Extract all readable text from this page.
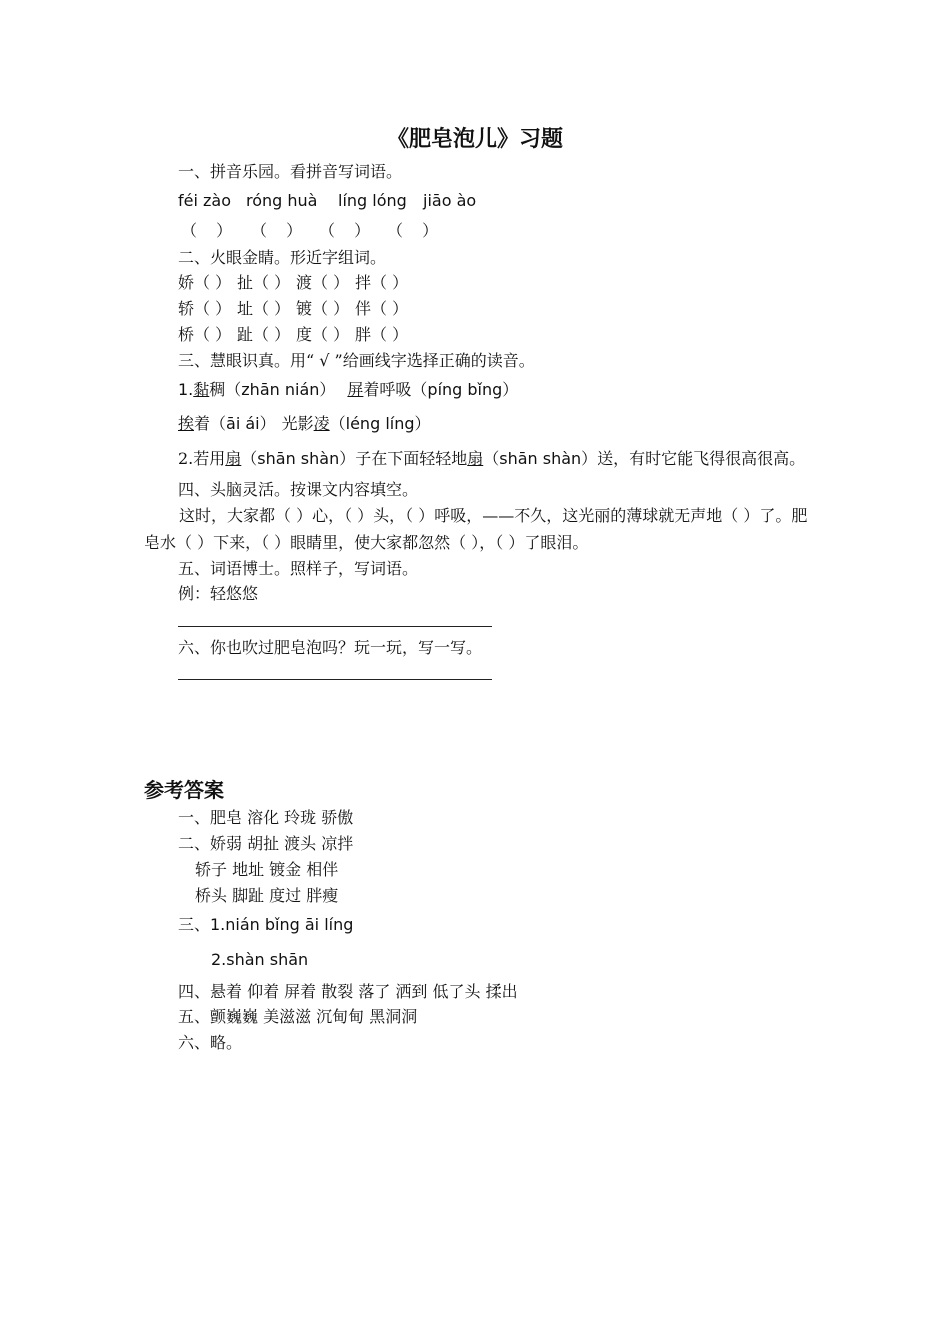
《肥皂泡儿》习题
一、拼音乐园。看拼音写词语。
féi zào róng huà líng lóng jiāo ào
（ ） （ ） （ ） （ ）
二、火眼金睛。形近字组词。
娇（ ） 扯（ ） 渡（ ） 拌（ ）
轿（ ） 址（ ） 镀（ ） 伴（ ）
桥（ ） 趾（ ） 度（ ） 胖（ ）
三、慧眼识真。用“ √ ”给画线字选择正确的读音。
1.黏稠（zhān nián） 屏着呼吸（píng bǐng）
挨着（āi ái） 光影凌（léng líng）
2.若用扇（shān shàn）子在下面轻轻地扇（shān shàn）送，有时它能飞得很高很高。
四、头脑灵活。按课文内容填空。
这时，大家都（ ）心，（ ）头，（ ）呼吸，——不久，这光丽的薄球就无声地（ ）了。肥皂水（ ）下来，（ ）眼睛里，使大家都忽然（ ），（ ）了眼泪。
五、词语博士。照样子，写词语。
例：轻悠悠
六、你也吹过肥皂泡吗？玩一玩，写一写。
参考答案
一、肥皂 溶化 玲珑 骄傲
二、娇弱 胡扯 渡头 凉拌
轿子 地址 镀金 相伴
桥头 脚趾 度过 胖瘦
三、1.nián bǐng āi líng
2.shàn shān
四、悬着 仰着 屏着 散裂 落了 洒到 低了头 揉出
五、颤巍巍 美滋滋 沉甸甸 黑洞洞
六、略。
